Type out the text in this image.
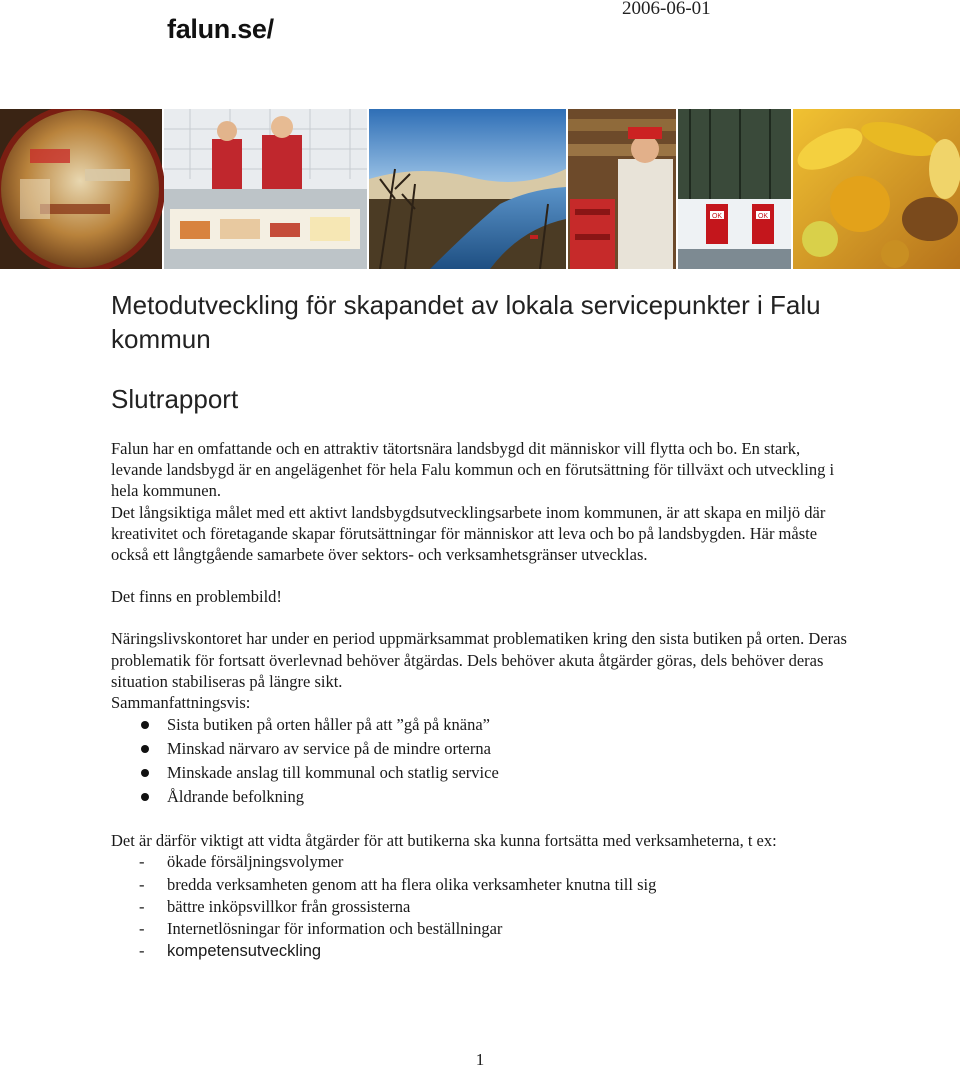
falun.se/
2006-06-01
OK	OK
Metodutveckling för skapandet av lokala servicepunkter i Falu kommun
Slutrapport

Falun har en omfattande och en attraktiv tätortsnära landsbygd dit människor vill flytta och bo. En stark, levande landsbygd är en angelägenhet för hela Falu kommun och en förutsättning för tillväxt och utveckling i hela kommunen.

Det långsiktiga målet med ett aktivt landsbygdsutvecklingsarbete inom kommunen, är att skapa en miljö där kreativitet och företagande skapar förutsättningar för människor att leva och bo på landsbygden. Här måste också ett långtgående samarbete över sektors- och verksamhetsgränser utvecklas.

Det finns en problembild!

Näringslivskontoret har under en period uppmärksammat problematiken kring den sista butiken på orten. Deras problematik för fortsatt överlevnad behöver åtgärdas. Dels behöver akuta åtgärder göras, dels behöver deras situation stabiliseras på längre sikt.

Sammanfattningsvis:

Sista butiken på orten håller på att ”gå på knäna”
Minskad närvaro av service på de mindre orterna
Minskade anslag till kommunal och statlig service
Åldrande befolkning

Det är därför viktigt att vidta åtgärder för att butikerna ska kunna fortsätta med verksamheterna, t ex:

- ökade försäljningsvolymer
- bredda verksamheten genom att ha flera olika verksamheter knutna till sig
- bättre inköpsvillkor från grossisterna
- Internetlösningar för information och beställningar
- kompetensutveckling
1
